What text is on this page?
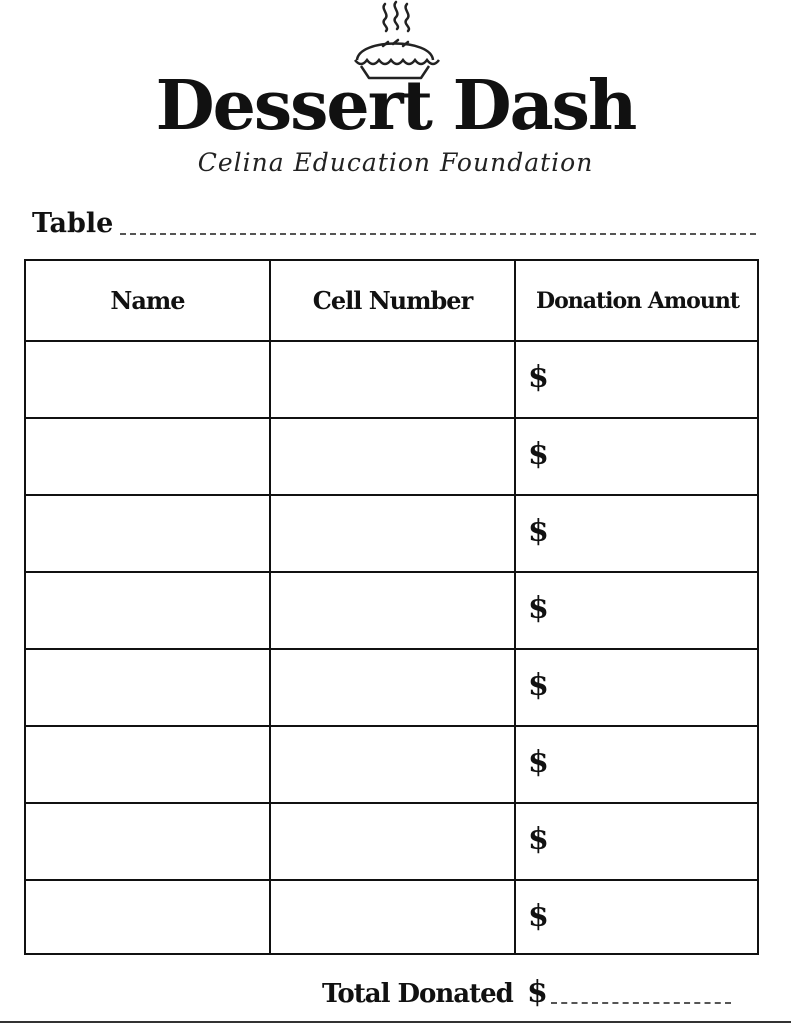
Dessert Dash
Celina Education Foundation
Table
Name	Cell Number	Donation Amount
$
$
$
$
$
$
$
$
Total Donated $
